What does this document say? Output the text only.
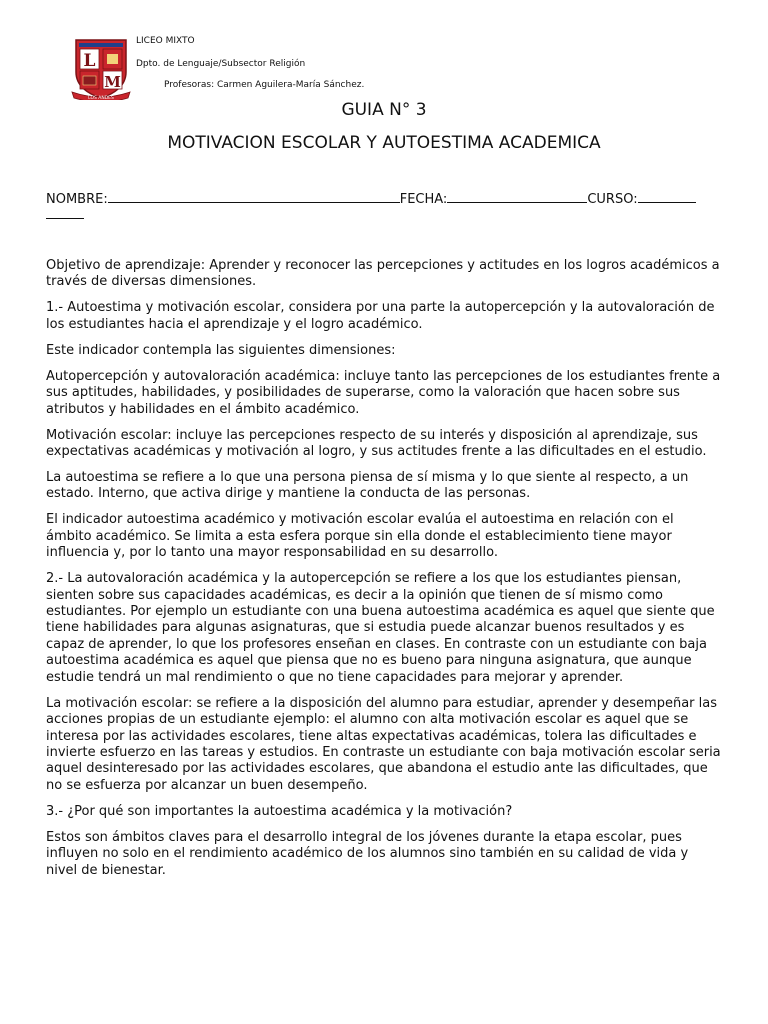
L
M
LOS ANDES
LICEO MIXTO
Dpto. de Lenguaje/Subsector Religión
Profesoras: Carmen Aguilera-María Sánchez.
GUIA N° 3
MOTIVACION ESCOLAR Y AUTOESTIMA ACADEMICA
NOMBRE:	FECHA:	CURSO:

Objetivo de aprendizaje: Aprender y reconocer las percepciones y actitudes en los logros académicos a través de diversas dimensiones.

1.- Autoestima y motivación escolar, considera por una parte la autopercepción y la autovaloración de los estudiantes hacia el aprendizaje y el logro académico.

Este indicador contempla las siguientes dimensiones:

Autopercepción y autovaloración académica: incluye tanto las percepciones de los estudiantes frente a sus aptitudes, habilidades, y posibilidades de superarse, como la valoración que hacen sobre sus atributos y habilidades en el ámbito académico.

Motivación escolar: incluye las percepciones respecto de su interés y disposición al aprendizaje, sus expectativas académicas y motivación al logro, y sus actitudes frente a las dificultades en el estudio.

La autoestima se refiere a lo que una persona piensa de sí misma y lo que siente al respecto, a un estado. Interno, que activa dirige y mantiene la conducta de las personas.

El indicador autoestima académico y motivación escolar evalúa el autoestima en relación con el ámbito académico. Se limita a esta esfera porque sin ella donde el establecimiento tiene mayor influencia y, por lo tanto una mayor responsabilidad en su desarrollo.

2.- La autovaloración académica y la autopercepción se refiere a los que los estudiantes piensan, sienten sobre sus capacidades académicas, es decir a la opinión que tienen de sí mismo como estudiantes. Por ejemplo un estudiante con una buena autoestima académica es aquel que siente que tiene habilidades para algunas asignaturas, que si estudia puede alcanzar buenos resultados y es capaz de aprender, lo que los profesores enseñan en clases. En contraste con un estudiante con baja autoestima académica es aquel que piensa que no es bueno para ninguna asignatura, que aunque estudie tendrá un mal rendimiento o que no tiene capacidades para mejorar y aprender.

La motivación escolar: se refiere a la disposición del alumno para estudiar, aprender y desempeñar las acciones propias de un estudiante ejemplo: el alumno con alta motivación escolar es aquel que se interesa por las actividades escolares, tiene altas expectativas académicas, tolera las dificultades e invierte esfuerzo en las tareas y estudios. En contraste un estudiante con baja motivación escolar seria aquel desinteresado por las actividades escolares, que abandona el estudio ante las dificultades, que no se esfuerza por alcanzar un buen desempeño.

3.- ¿Por qué son importantes la autoestima académica y la motivación?

Estos son ámbitos claves para el desarrollo integral de los jóvenes durante la etapa escolar, pues influyen no solo en el rendimiento académico de los alumnos sino también en su calidad de vida y nivel de bienestar.
